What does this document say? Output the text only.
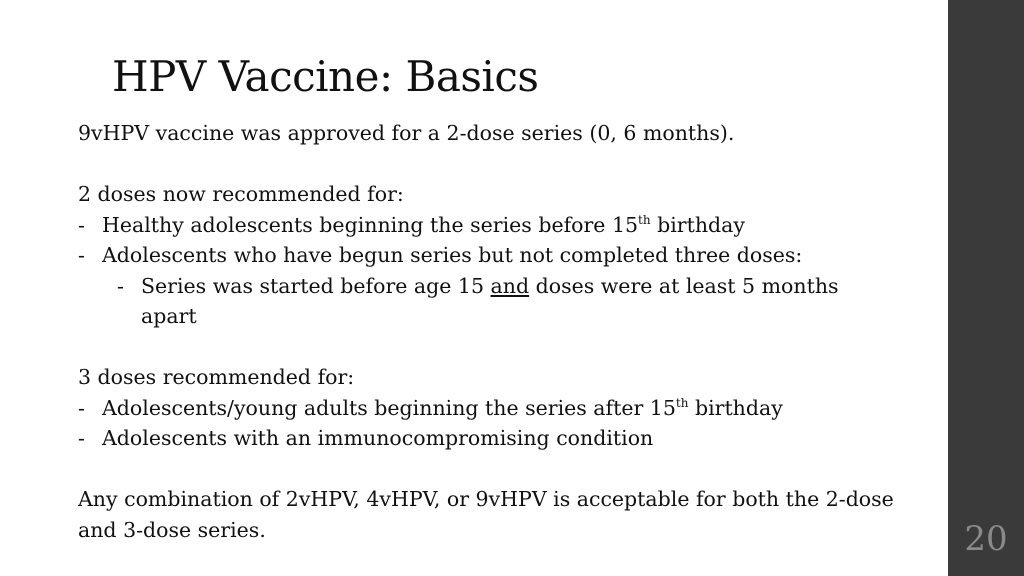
20
HPV Vaccine: Basics
9vHPV vaccine was approved for a 2-dose series (0, 6 months).
2 doses now recommended for:
- Healthy adolescents beginning the series before 15th birthday
- Adolescents who have begun series but not completed three doses:
- Series was started before age 15 and doses were at least 5 months apart
3 doses recommended for:
- Adolescents/young adults beginning the series after 15th birthday
- Adolescents with an immunocompromising condition
Any combination of 2vHPV, 4vHPV, or 9vHPV is acceptable for both the 2-dose and 3-dose series.
